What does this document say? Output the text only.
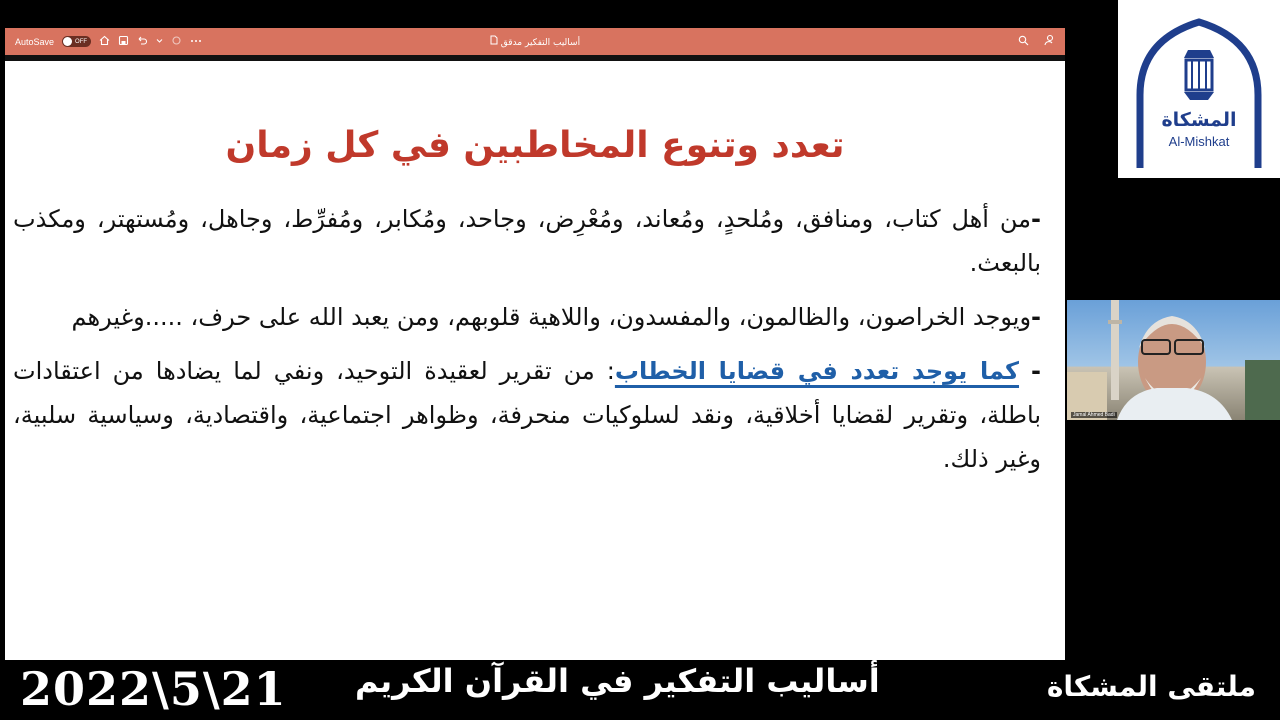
AutoSave	OFF	أساليب التفكير مدقق
تعدد وتنوع المخاطبين في كل زمان

-من أهل كتاب، ومنافق، ومُلحدٍ، ومُعاند، ومُعْرِض، وجاحد، ومُكابر، ومُفرِّط، وجاهل، ومُستهتر، ومكذب بالبعث.

-ويوجد الخراصون، والظالمون، والمفسدون، واللاهية قلوبهم، ومن يعبد الله على حرف، .....وغيرهم

- كما يوجد تعدد في قضايا الخطاب: من تقرير لعقيدة التوحيد، ونفي لما يضادها من اعتقادات باطلة، وتقرير لقضايا أخلاقية، ونقد لسلوكيات منحرفة، وظواهر اجتماعية، واقتصادية، وسياسية سلبية، وغير ذلك.

المشكاة
Al-Mishkat
Jamal Ahmed Badi
2022\5\21 أساليب التفكير في القرآن الكريم	ملتقى المشكاة
